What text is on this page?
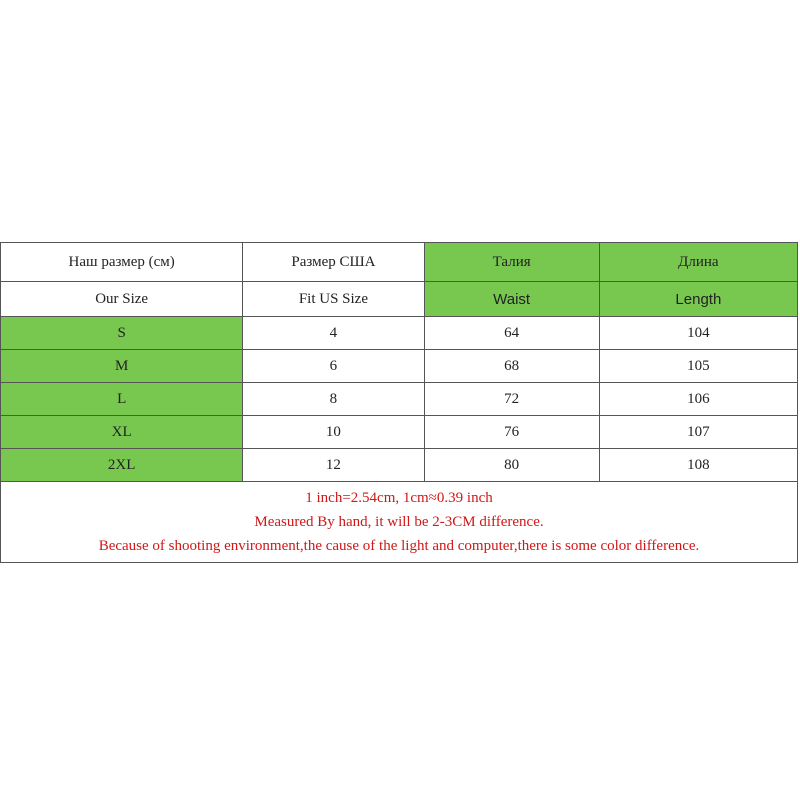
Наш размер (см)	Размер США	Талия	Длина
Our Size	Fit US Size	Waist	Length
S	4	64	104
M	6	68	105
L	8	72	106
XL	10	76	107
2XL	12	80	108

1 inch=2.54cm, 1cm≈0.39 inch
Measured By hand, it will be 2-3CM difference.
Because of shooting environment,the cause of the light and computer,there is some color difference.			
